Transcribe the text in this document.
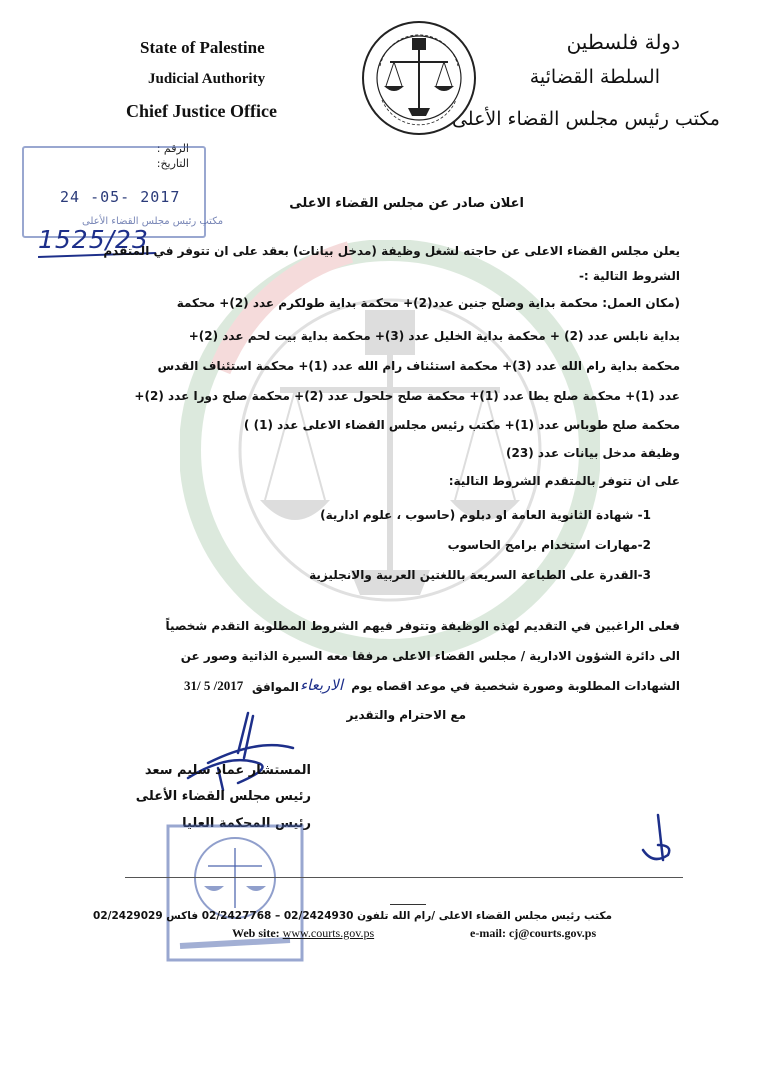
State of Palestine
Judicial Authority
Chief Justice Office
دولة فلسطين
السلطة القضائية
مكتب رئيس مجلس القضاء الأعلى
الرقم :
التاريخ:
24 -05- 2017
مكتب رئيس مجلس القضاء الأعلى
1525/23
اعلان صادر عن مجلس القضاء الاعلى
يعلن مجلس القضاء الاعلى عن حاجته لشغل وظيفة (مدخل بيانات) بعقد على ان تتوفر في المتقدم
الشروط التالية :-
(مكان العمل: محكمة بداية وصلح جنين عدد(2)+ محكمة بداية طولكرم عدد (2)+ محكمة
بداية نابلس عدد (2) + محكمة بداية الخليل عدد (3)+ محكمة بداية بيت لحم عدد (2)+
محكمة بداية رام الله عدد (3)+ محكمة استئناف رام الله عدد (1)+ محكمة استئناف القدس
عدد (1)+ محكمة صلح يطا عدد (1)+ محكمة صلح حلحول عدد (2)+ محكمة صلح دورا عدد (2)+
محكمة صلح طوباس عدد (1)+ مكتب رئيس مجلس القضاء الاعلى عدد (1) )
وظيفة مدخل بيانات عدد (23)
على ان تتوفر بالمتقدم الشروط التالية:
1- شهادة الثانوية العامة او دبلوم (حاسوب ، علوم ادارية)
2-مهارات استخدام برامج الحاسوب
3-القدرة على الطباعة السريعة باللغتين العربية والانجليزية
فعلى الراغبين في التقديم لهذه الوظيفة وتتوفر فيهم الشروط المطلوبة التقدم شخصياً
الى دائرة الشؤون الادارية / مجلس القضاء الاعلى مرفقا معه السيرة الذاتية وصور عن
الشهادات المطلوبة وصورة شخصية في موعد اقصاه يوم
الاربعاء
الموافق
31/ 5 /2017
مع الاحترام والتقدير
المستشار عماد سليم سعد
رئيس مجلس القضاء الأعلى
رئيس المحكمة العليا
مكتب رئيس مجلس القضاء الاعلى /رام الله تلفون 02/2424930 – 02/2427768 فاكس 02/2429029
Web site: www.courts.gov.ps	e-mail: cj@courts.gov.ps
